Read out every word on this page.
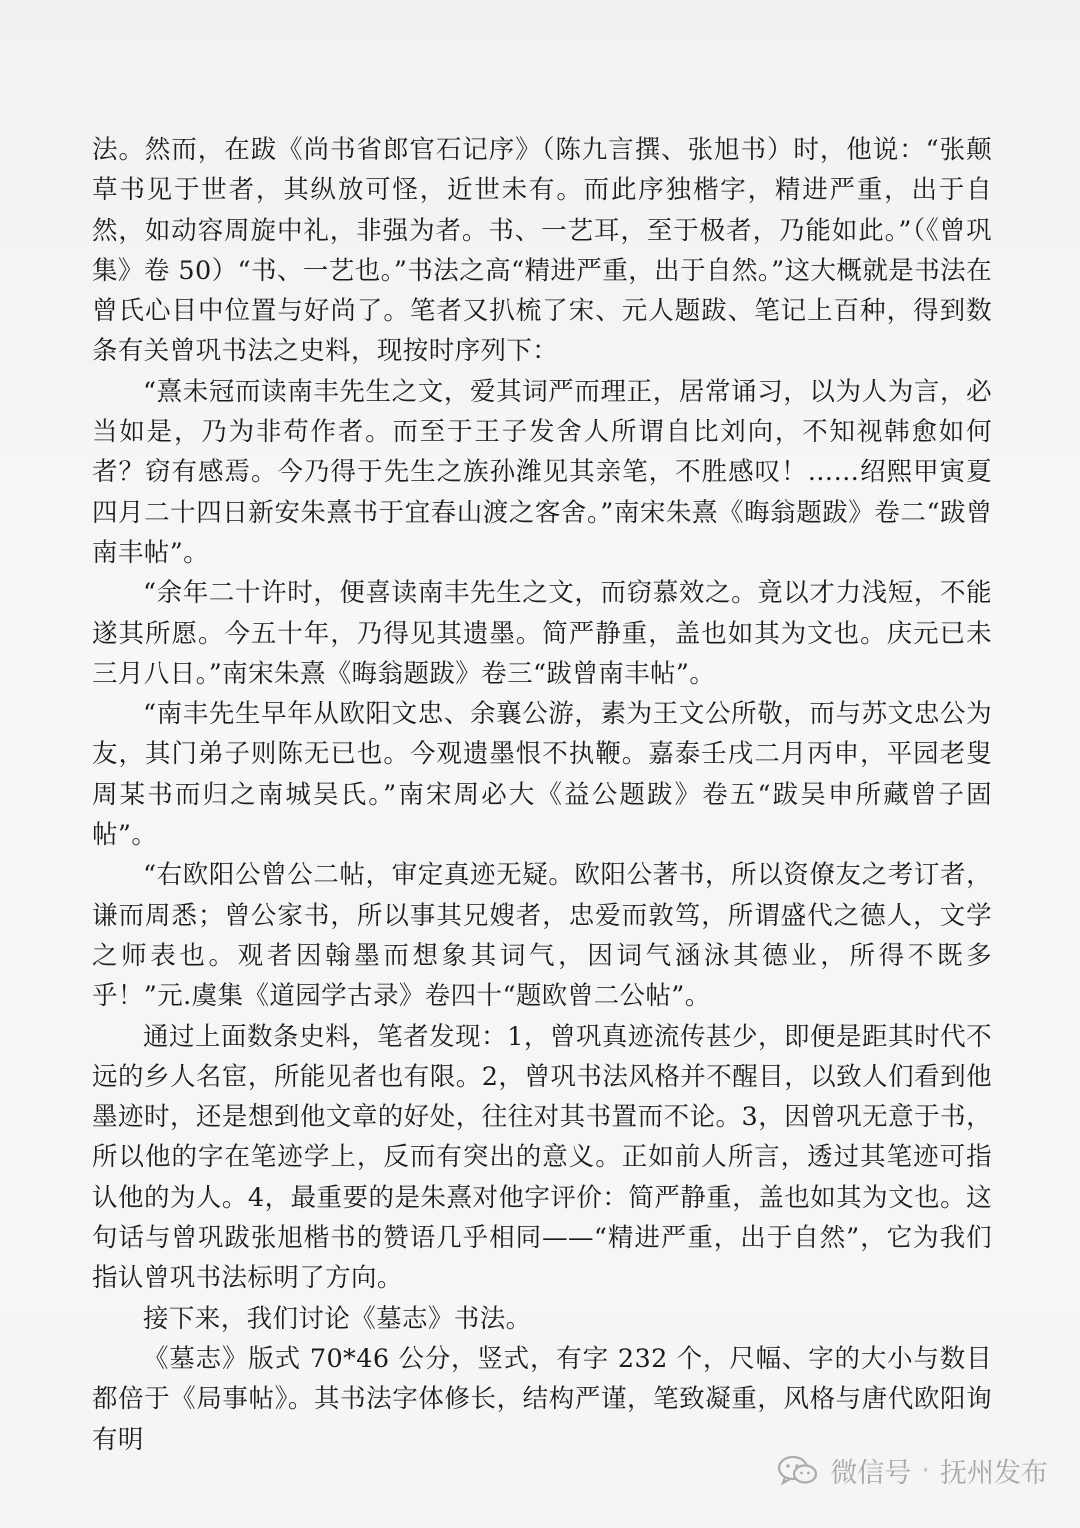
法。然而，在跋《尚书省郎官石记序》（陈九言撰、张旭书）时，他说：“张颠草书见于世者，其纵放可怪，近世未有。而此序独楷字，精进严重，出于自然，如动容周旋中礼，非强为者。书、一艺耳，至于极者，乃能如此。”（《曾巩集》卷 50）“书、一艺也。”书法之高“精进严重，出于自然。”这大概就是书法在曾氏心目中位置与好尚了。笔者又扒梳了宋、元人题跋、笔记上百种，得到数条有关曾巩书法之史料，现按时序列下：

“熹未冠而读南丰先生之文，爱其词严而理正，居常诵习，以为人为言，必当如是，乃为非苟作者。而至于王子发舍人所谓自比刘向，不知视韩愈如何者？窃有感焉。今乃得于先生之族孙潍见其亲笔，不胜感叹！……绍熙甲寅夏四月二十四日新安朱熹书于宜春山渡之客舍。”南宋朱熹《晦翁题跋》卷二“跋曾南丰帖”。

“余年二十许时，便喜读南丰先生之文，而窃慕效之。竟以才力浅短，不能遂其所愿。今五十年，乃得见其遗墨。简严静重，盖也如其为文也。庆元已未三月八日。”南宋朱熹《晦翁题跋》卷三“跋曾南丰帖”。

“南丰先生早年从欧阳文忠、余襄公游，素为王文公所敬，而与苏文忠公为友，其门弟子则陈无已也。今观遗墨恨不执鞭。嘉泰壬戌二月丙申，平园老叟周某书而归之南城吴氏。”南宋周必大《益公题跋》卷五“跋吴申所藏曾子固帖”。

“右欧阳公曾公二帖，审定真迹无疑。欧阳公著书，所以资僚友之考订者，谦而周悉；曾公家书，所以事其兄嫂者，忠爱而敦笃，所谓盛代之德人，文学之师表也。观者因翰墨而想象其词气，因词气涵泳其德业，所得不既多乎！”元.虞集《道园学古录》卷四十“题欧曾二公帖”。

通过上面数条史料，笔者发现：1，曾巩真迹流传甚少，即便是距其时代不远的乡人名宦，所能见者也有限。2，曾巩书法风格并不醒目，以致人们看到他墨迹时，还是想到他文章的好处，往往对其书置而不论。3，因曾巩无意于书，所以他的字在笔迹学上，反而有突出的意义。正如前人所言，透过其笔迹可指认他的为人。4，最重要的是朱熹对他字评价：简严静重，盖也如其为文也。这句话与曾巩跋张旭楷书的赞语几乎相同——“精进严重，出于自然”，它为我们指认曾巩书法标明了方向。

接下来，我们讨论《墓志》书法。

《墓志》版式 70*46 公分，竖式，有字 232 个，尺幅、字的大小与数目都倍于《局事帖》。其书法字体修长，结构严谨，笔致凝重，风格与唐代欧阳询有明

微信号 · 抚州发布
